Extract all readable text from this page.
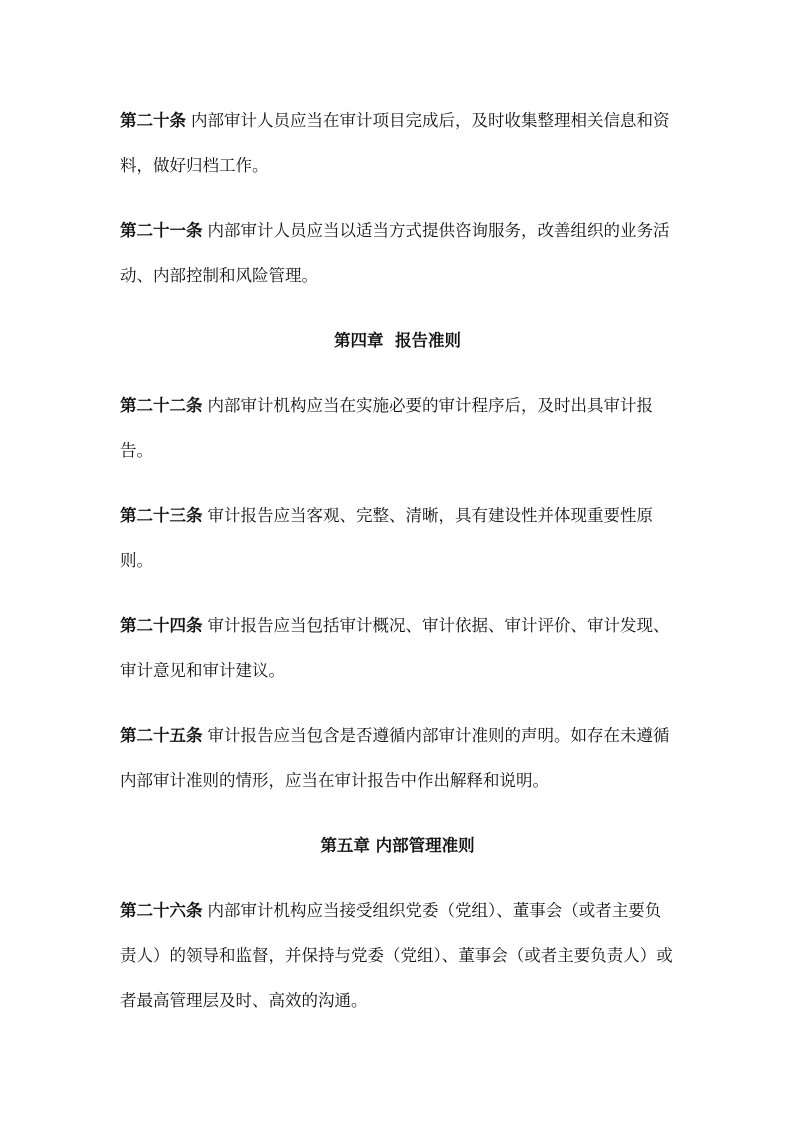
第二十条 内部审计人员应当在审计项目完成后，及时收集整理相关信息和资料，做好归档工作。

第二十一条 内部审计人员应当以适当方式提供咨询服务，改善组织的业务活动、内部控制和风险管理。

第四章  报告准则

第二十二条 内部审计机构应当在实施必要的审计程序后，及时出具审计报告。

第二十三条 审计报告应当客观、完整、清晰，具有建设性并体现重要性原则。

第二十四条 审计报告应当包括审计概况、审计依据、审计评价、审计发现、审计意见和审计建议。

第二十五条 审计报告应当包含是否遵循内部审计准则的声明。如存在未遵循内部审计准则的情形，应当在审计报告中作出解释和说明。

第五章 内部管理准则

第二十六条 内部审计机构应当接受组织党委（党组）、董事会（或者主要负责人）的领导和监督，并保持与党委（党组）、董事会（或者主要负责人）或者最高管理层及时、高效的沟通。
